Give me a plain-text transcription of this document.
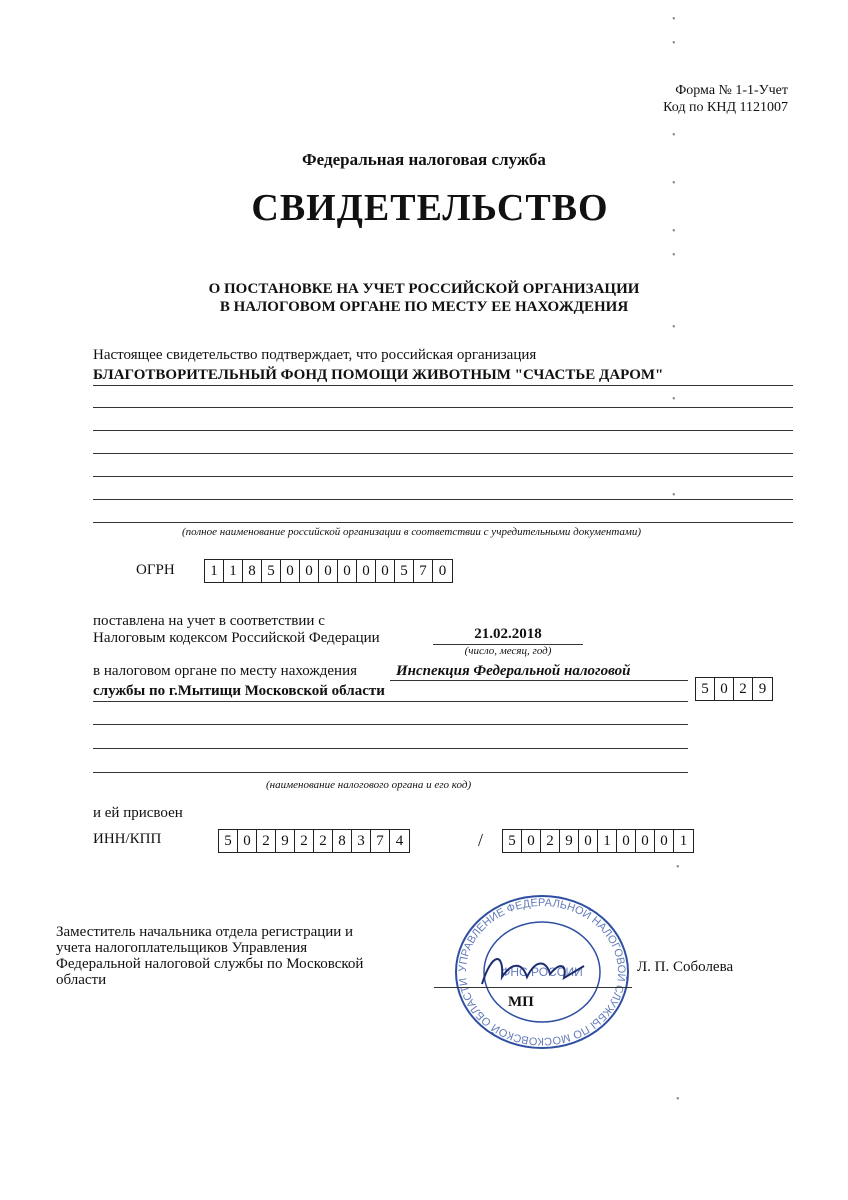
Форма № 1-1-Учет
Код по КНД 1121007
Федеральная налоговая служба
СВИДЕТЕЛЬСТВО
О ПОСТАНОВКЕ НА УЧЕТ РОССИЙСКОЙ ОРГАНИЗАЦИИ
В НАЛОГОВОМ ОРГАНЕ ПО МЕСТУ ЕЕ НАХОЖДЕНИЯ
Настоящее свидетельство подтверждает, что российская организация
БЛАГОТВОРИТЕЛЬНЫЙ ФОНД ПОМОЩИ ЖИВОТНЫМ "СЧАСТЬЕ ДАРОМ"
(полное наименование российской организации в соответствии с учредительными документами)
ОГРН	1 1 8 5 0 0 0 0 0 0 5 7 0
поставлена на учет в соответствии с
Налоговым кодексом Российской Федерации	21.02.2018
(число, месяц, год)
в налоговом органе по месту нахождения	Инспекция Федеральной налоговой
службы по г.Мытищи Московской области	5 0 2 9
(наименование налогового органа и его код)
и ей присвоен
ИНН/КПП	5 0 2 9 2 2 8 3 7 4	/	5 0 2 9 0 1 0 0 0 1
Заместитель начальника отдела регистрации и
учета налогоплательщиков Управления
Федеральной налоговой службы по Московской
области
УПРАВЛЕНИЕ ФЕДЕРАЛЬНОЙ НАЛОГОВОЙ СЛУЖБЫ ПО МОСКОВСКОЙ ОБЛАСТИ
ФНС РОССИИ
МП
Л. П. Соболева
•
•
•
•
•
•
•
•
•
•
•
